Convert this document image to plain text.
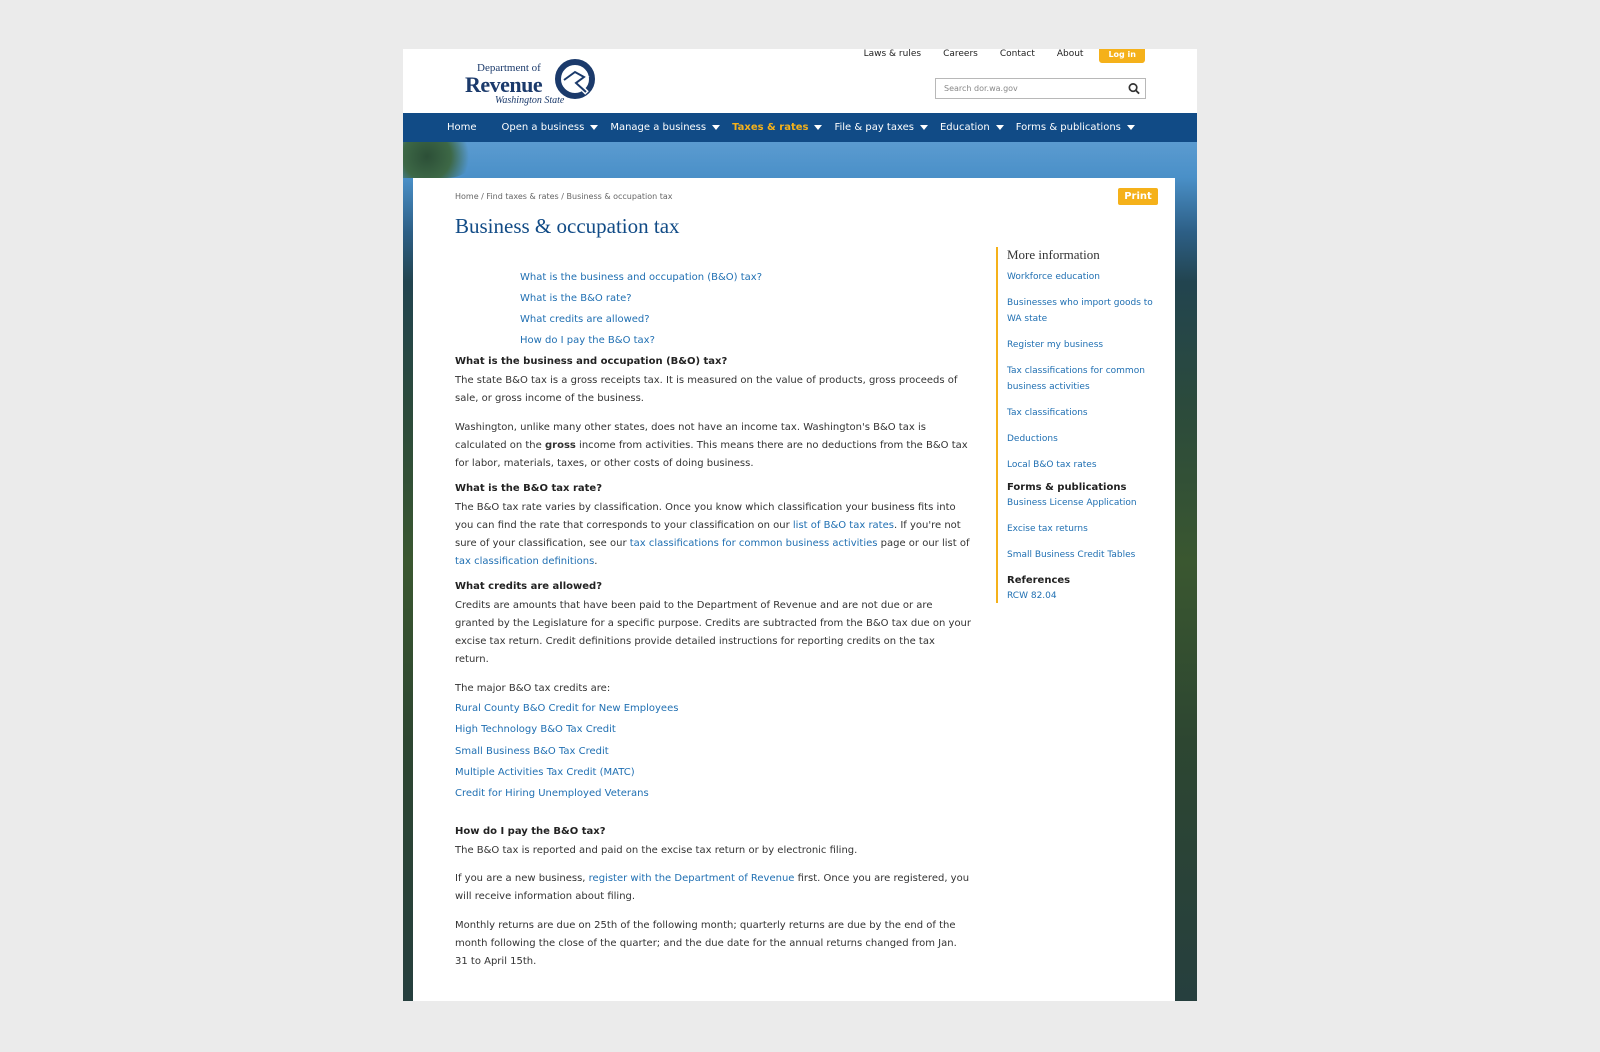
Department of
Revenue
Washington State
Laws & rules Careers Contact About	Log in
Search dor.wa.gov
Home	Open a business	Manage a business	Taxes & rates	File & pay taxes	Education	Forms & publications
Home / Find taxes & rates / Business & occupation tax	Print
Business & occupation tax
What is the business and occupation (B&O) tax?
What is the B&O rate?
What credits are allowed?
How do I pay the B&O tax?
What is the business and occupation (B&O) tax?

The state B&O tax is a gross receipts tax. It is measured on the value of products, gross proceeds of sale, or gross income of the business.

Washington, unlike many other states, does not have an income tax. Washington's B&O tax is calculated on the gross income from activities. This means there are no deductions from the B&O tax for labor, materials, taxes, or other costs of doing business.

What is the B&O tax rate?

The B&O tax rate varies by classification. Once you know which classification your business fits into you can find the rate that corresponds to your classification on our list of B&O tax rates. If you're not sure of your classification, see our tax classifications for common business activities page or our list of tax classification definitions.

What credits are allowed?

Credits are amounts that have been paid to the Department of Revenue and are not due or are granted by the Legislature for a specific purpose. Credits are subtracted from the B&O tax due on your excise tax return. Credit definitions provide detailed instructions for reporting credits on the tax return.

The major B&O tax credits are:

Rural County B&O Credit for New Employees
High Technology B&O Tax Credit
Small Business B&O Tax Credit
Multiple Activities Tax Credit (MATC)
Credit for Hiring Unemployed Veterans
How do I pay the B&O tax?

The B&O tax is reported and paid on the excise tax return or by electronic filing.

If you are a new business, register with the Department of Revenue first. Once you are registered, you will receive information about filing.

Monthly returns are due on 25th of the following month; quarterly returns are due by the end of the month following the close of the quarter; and the due date for the annual returns changed from Jan. 31 to April 15th.

More information
Workforce education
Businesses who import goods to WA state
Register my business
Tax classifications for common business activities
Tax classifications
Deductions
Local B&O tax rates
Forms & publications
Business License Application
Excise tax returns
Small Business Credit Tables
References
RCW 82.04
